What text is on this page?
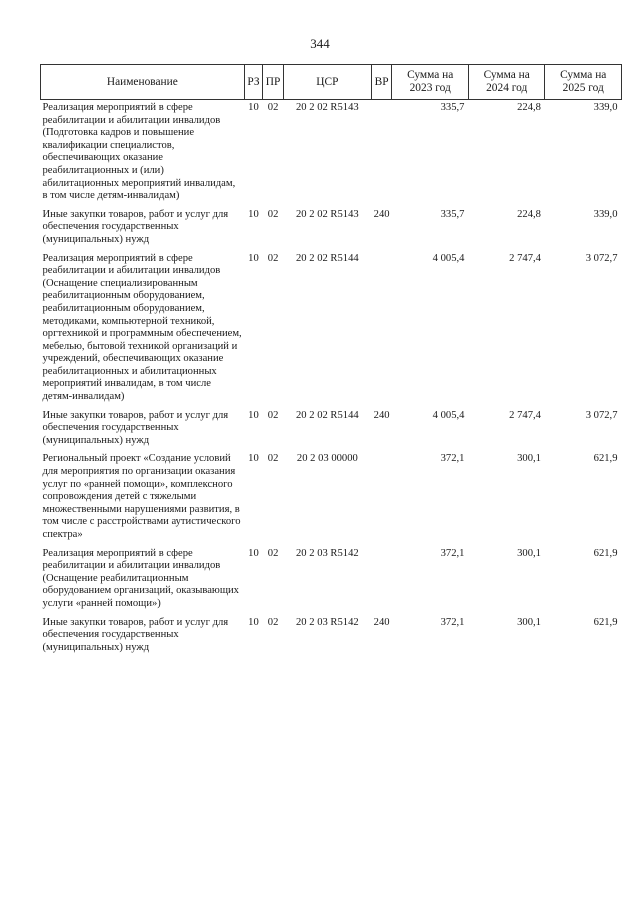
344
Наименование	РЗ	ПР	ЦСР	ВР	Сумма на 2023 год	Сумма на 2024 год	Сумма на 2025 год
Реализация мероприятий в сфере реабилитации и абилитации инвалидов (Подготовка кадров и повышение квалификации специалистов, обеспечивающих оказание реабилитационных и (или) абилитационных мероприятий инвалидам, в том числе детям-инвалидам)	10	02	20 2 02 R5143		335,7	224,8	339,0
Иные закупки товаров, работ и услуг для обеспечения государственных (муниципальных) нужд	10	02	20 2 02 R5143	240	335,7	224,8	339,0
Реализация мероприятий в сфере реабилитации и абилитации инвалидов (Оснащение специализированным реабилитационным оборудованием, реабилитационным оборудованием, методиками, компьютерной техникой, оргтехникой и программным обеспечением, мебелью, бытовой техникой организаций и учреждений, обеспечивающих оказание реабилитационных и абилитационных мероприятий инвалидам, в том числе детям-инвалидам)	10	02	20 2 02 R5144		4 005,4	2 747,4	3 072,7
Иные закупки товаров, работ и услуг для обеспечения государственных (муниципальных) нужд	10	02	20 2 02 R5144	240	4 005,4	2 747,4	3 072,7
Региональный проект «Создание условий для мероприятия по организации оказания услуг по «ранней помощи», комплексного сопровождения детей с тяжелыми множественными нарушениями развития, в том числе с расстройствами аутистического спектра»	10	02	20 2 03 00000		372,1	300,1	621,9
Реализация мероприятий в сфере реабилитации и абилитации инвалидов (Оснащение реабилитационным оборудованием организаций, оказывающих услуги «ранней помощи»)	10	02	20 2 03 R5142		372,1	300,1	621,9
Иные закупки товаров, работ и услуг для обеспечения государственных (муниципальных) нужд	10	02	20 2 03 R5142	240	372,1	300,1	621,9
